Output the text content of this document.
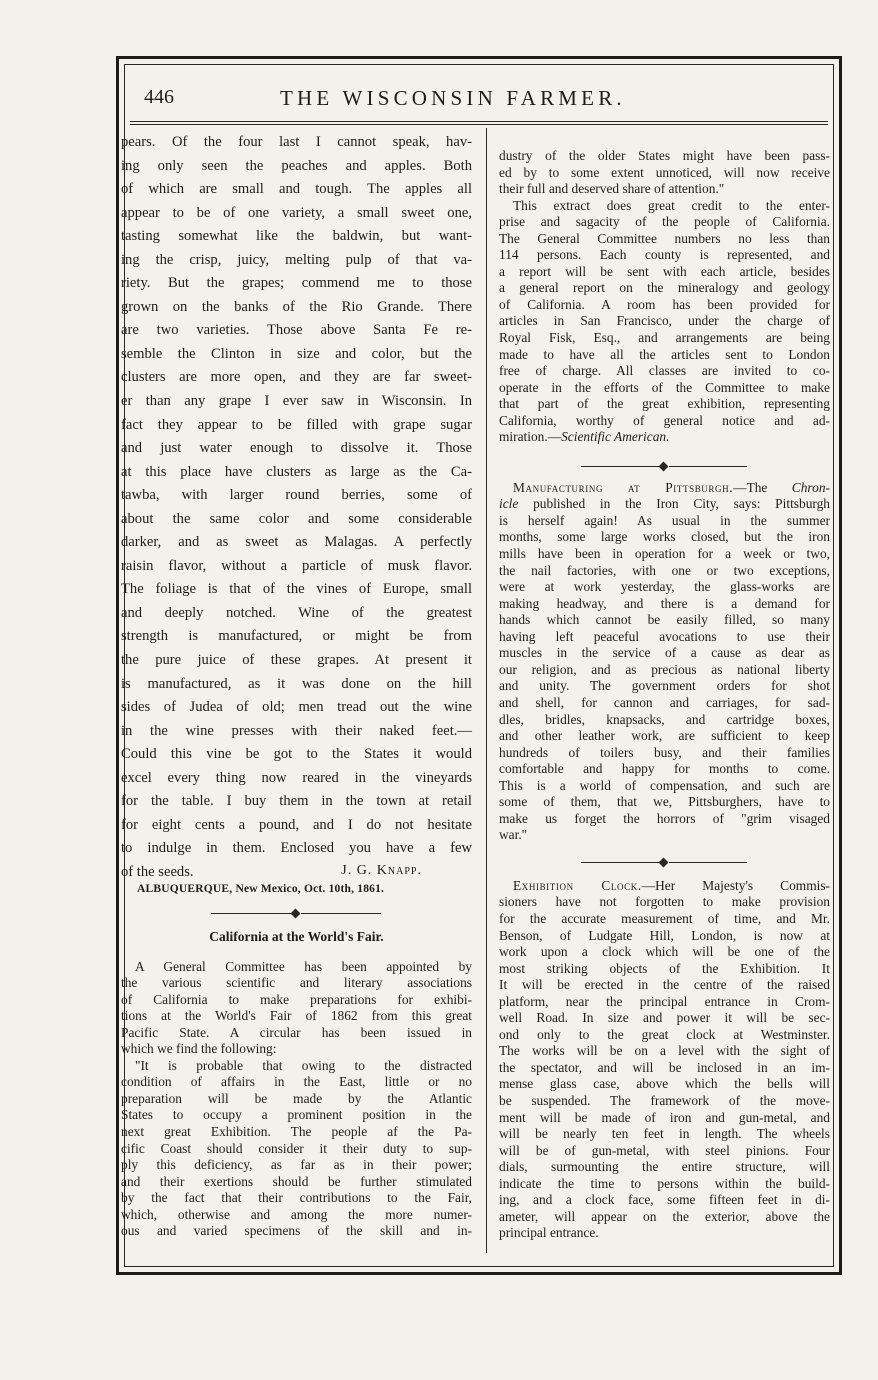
446	THE WISCONSIN FARMER.

pears. Of the four last I cannot speak, hav-

ing only seen the peaches and apples. Both

of which are small and tough. The apples all

appear to be of one variety, a small sweet one,

tasting somewhat like the baldwin, but want-

ing the crisp, juicy, melting pulp of that va-

riety. But the grapes; commend me to those

grown on the banks of the Rio Grande. There

are two varieties. Those above Santa Fe re-

semble the Clinton in size and color, but the

clusters are more open, and they are far sweet-

er than any grape I ever saw in Wisconsin. In

fact they appear to be filled with grape sugar

and just water enough to dissolve it. Those

at this place have clusters as large as the Ca-

tawba, with larger round berries, some of

about the same color and some considerable

darker, and as sweet as Malagas. A perfectly

raisin flavor, without a particle of musk flavor.

The foliage is that of the vines of Europe, small

and deeply notched. Wine of the greatest

strength is manufactured, or might be from

the pure juice of these grapes. At present it

is manufactured, as it was done on the hill

sides of Judea of old; men tread out the wine

in the wine presses with their naked feet.—

Could this vine be got to the States it would

excel every thing now reared in the vineyards

for the table. I buy them in the town at retail

for eight cents a pound, and I do not hesitate

to indulge in them. Enclosed you have a few

of the seeds.	J. G. Knapp.
ALBUQUERQUE, New Mexico, Oct. 10th, 1861.
California at the World's Fair.

A General Committee has been appointed by

the various scientific and literary associations

of California to make preparations for exhibi-

tions at the World's Fair of 1862 from this great

Pacific State. A circular has been issued in

which we find the following:

"It is probable that owing to the distracted

condition of affairs in the East, little or no

preparation will be made by the Atlantic

States to occupy a prominent position in the

next great Exhibition. The people af the Pa-

cific Coast should consider it their duty to sup-

ply this deficiency, as far as in their power;

and their exertions should be further stimulated

by the fact that their contributions to the Fair,

which, otherwise and among the more numer-

ous and varied specimens of the skill and in-

dustry of the older States might have been pass-

ed by to some extent unnoticed, will now receive

their full and deserved share of attention."

This extract does great credit to the enter-

prise and sagacity of the people of California.

The General Committee numbers no less than

114 persons. Each county is represented, and

a report will be sent with each article, besides

a general report on the mineralogy and geology

of California. A room has been provided for

articles in San Francisco, under the charge of

Royal Fisk, Esq., and arrangements are being

made to have all the articles sent to London

free of charge. All classes are invited to co-

operate in the efforts of the Committee to make

that part of the great exhibition, representing

California, worthy of general notice and ad-

miration.—Scientific American.

Manufacturing at Pittsburgh.—The Chron-

icle published in the Iron City, says: Pittsburgh

is herself again! As usual in the summer

months, some large works closed, but the iron

mills have been in operation for a week or two,

the nail factories, with one or two exceptions,

were at work yesterday, the glass-works are

making headway, and there is a demand for

hands which cannot be easily filled, so many

having left peaceful avocations to use their

muscles in the service of a cause as dear as

our religion, and as precious as national liberty

and unity. The government orders for shot

and shell, for cannon and carriages, for sad-

dles, bridles, knapsacks, and cartridge boxes,

and other leather work, are sufficient to keep

hundreds of toilers busy, and their families

comfortable and happy for months to come.

This is a world of compensation, and such are

some of them, that we, Pittsburghers, have to

make us forget the horrors of "grim visaged

war."

Exhibition Clock.—Her Majesty's Commis-

sioners have not forgotten to make provision

for the accurate measurement of time, and Mr.

Benson, of Ludgate Hill, London, is now at

work upon a clock which will be one of the

most striking objects of the Exhibition. It

It will be erected in the centre of the raised

platform, near the principal entrance in Crom-

well Road. In size and power it will be sec-

ond only to the great clock at Westminster.

The works will be on a level with the sight of

the spectator, and will be inclosed in an im-

mense glass case, above which the bells will

be suspended. The framework of the move-

ment will be made of iron and gun-metal, and

will be nearly ten feet in length. The wheels

will be of gun-metal, with steel pinions. Four

dials, surmounting the entire structure, will

indicate the time to persons within the build-

ing, and a clock face, some fifteen feet in di-

ameter, will appear on the exterior, above the

principal entrance.
